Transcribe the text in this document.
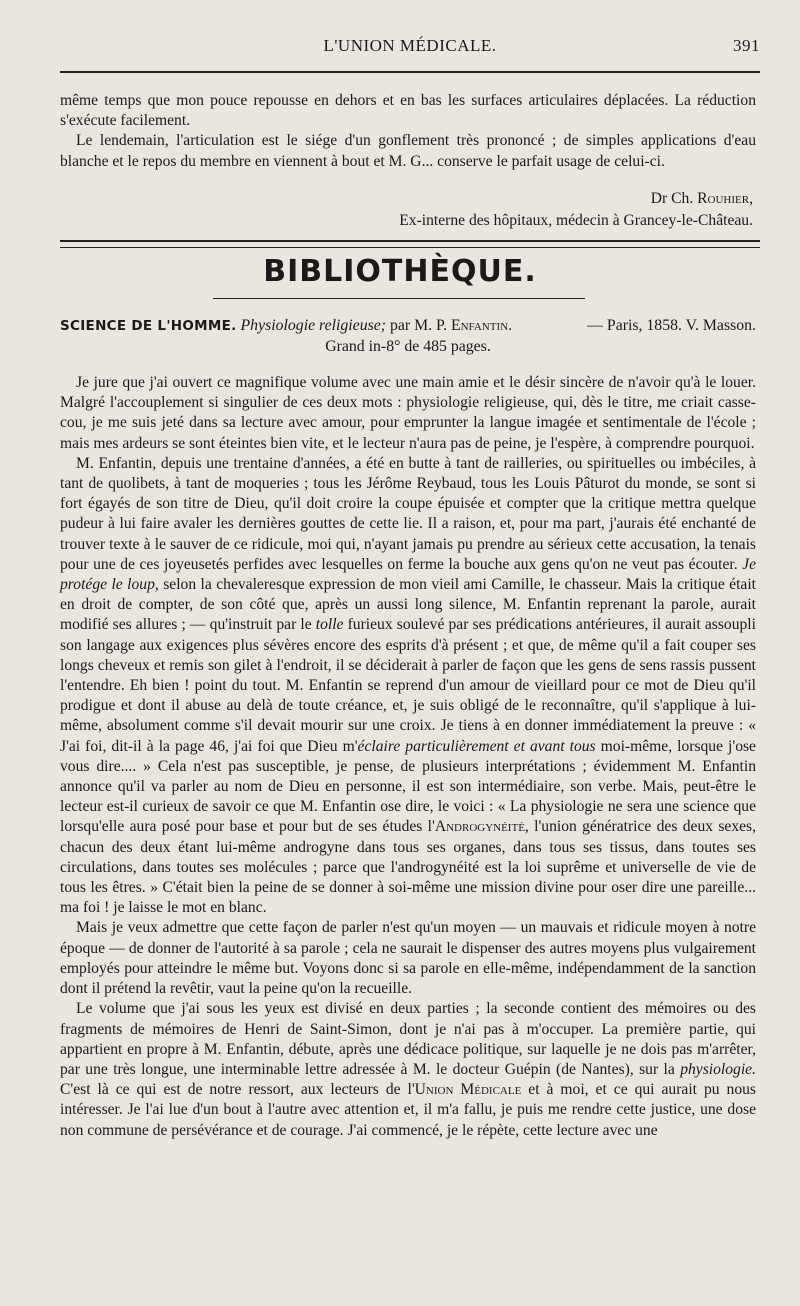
L'UNION MÉDICALE.	391

même temps que mon pouce repousse en dehors et en bas les surfaces articulaires déplacées. La réduction s'exécute facilement.

Le lendemain, l'articulation est le siége d'un gonflement très prononcé ; de simples applications d'eau blanche et le repos du membre en viennent à bout et M. G... conserve le parfait usage de celui-ci.

Dr Ch. Rouhier,
Ex-interne des hôpitaux, médecin à Grancey-le-Château.
BIBLIOTHÈQUE.
SCIENCE DE L'HOMME. Physiologie religieuse; par M. P. Enfantin.	— Paris, 1858. V. Masson.
Grand in-8° de 485 pages.

Je jure que j'ai ouvert ce magnifique volume avec une main amie et le désir sincère de n'avoir qu'à le louer. Malgré l'accouplement si singulier de ces deux mots : physiologie religieuse, qui, dès le titre, me criait casse-cou, je me suis jeté dans sa lecture avec amour, pour emprunter la langue imagée et sentimentale de l'école ; mais mes ardeurs se sont éteintes bien vite, et le lecteur n'aura pas de peine, je l'espère, à comprendre pourquoi.

M. Enfantin, depuis une trentaine d'années, a été en butte à tant de railleries, ou spirituelles ou imbéciles, à tant de quolibets, à tant de moqueries ; tous les Jérôme Reybaud, tous les Louis Pâturot du monde, se sont si fort égayés de son titre de Dieu, qu'il doit croire la coupe épuisée et compter que la critique mettra quelque pudeur à lui faire avaler les dernières gouttes de cette lie. Il a raison, et, pour ma part, j'aurais été enchanté de trouver texte à le sauver de ce ridicule, moi qui, n'ayant jamais pu prendre au sérieux cette accusation, la tenais pour une de ces joyeusetés perfides avec lesquelles on ferme la bouche aux gens qu'on ne veut pas écouter. Je protége le loup, selon la chevaleresque expression de mon vieil ami Camille, le chasseur. Mais la critique était en droit de compter, de son côté que, après un aussi long silence, M. Enfantin reprenant la parole, aurait modifié ses allures ; — qu'instruit par le tolle furieux soulevé par ses prédications antérieures, il aurait assoupli son langage aux exigences plus sévères encore des esprits d'à présent ; et que, de même qu'il a fait couper ses longs cheveux et remis son gilet à l'endroit, il se déciderait à parler de façon que les gens de sens rassis pussent l'entendre. Eh bien ! point du tout. M. Enfantin se reprend d'un amour de vieillard pour ce mot de Dieu qu'il prodigue et dont il abuse au delà de toute créance, et, je suis obligé de le reconnaître, qu'il s'applique à lui-même, absolument comme s'il devait mourir sur une croix. Je tiens à en donner immédiatement la preuve : « J'ai foi, dit-il à la page 46, j'ai foi que Dieu m'éclaire particulièrement et avant tous moi-même, lorsque j'ose vous dire.... » Cela n'est pas susceptible, je pense, de plusieurs interprétations ; évidemment M. Enfantin annonce qu'il va parler au nom de Dieu en personne, il est son intermédiaire, son verbe. Mais, peut-être le lecteur est-il curieux de savoir ce que M. Enfantin ose dire, le voici : « La physiologie ne sera une science que lorsqu'elle aura posé pour base et pour but de ses études l'Androgynéité, l'union génératrice des deux sexes, chacun des deux étant lui-même androgyne dans tous ses organes, dans tous ses tissus, dans toutes ses circulations, dans toutes ses molécules ; parce que l'androgynéité est la loi suprême et universelle de vie de tous les êtres. » C'était bien la peine de se donner à soi-même une mission divine pour oser dire une pareille... ma foi ! je laisse le mot en blanc.

Mais je veux admettre que cette façon de parler n'est qu'un moyen — un mauvais et ridicule moyen à notre époque — de donner de l'autorité à sa parole ; cela ne saurait le dispenser des autres moyens plus vulgairement employés pour atteindre le même but. Voyons donc si sa parole en elle-même, indépendamment de la sanction dont il prétend la revêtir, vaut la peine qu'on la recueille.

Le volume que j'ai sous les yeux est divisé en deux parties ; la seconde contient des mémoires ou des fragments de mémoires de Henri de Saint-Simon, dont je n'ai pas à m'occuper. La première partie, qui appartient en propre à M. Enfantin, débute, après une dédicace politique, sur laquelle je ne dois pas m'arrêter, par une très longue, une interminable lettre adressée à M. le docteur Guépin (de Nantes), sur la physiologie. C'est là ce qui est de notre ressort, aux lecteurs de l'Union Médicale et à moi, et ce qui aurait pu nous intéresser. Je l'ai lue d'un bout à l'autre avec attention et, il m'a fallu, je puis me rendre cette justice, une dose non commune de persévérance et de courage. J'ai commencé, je le répète, cette lecture avec une
